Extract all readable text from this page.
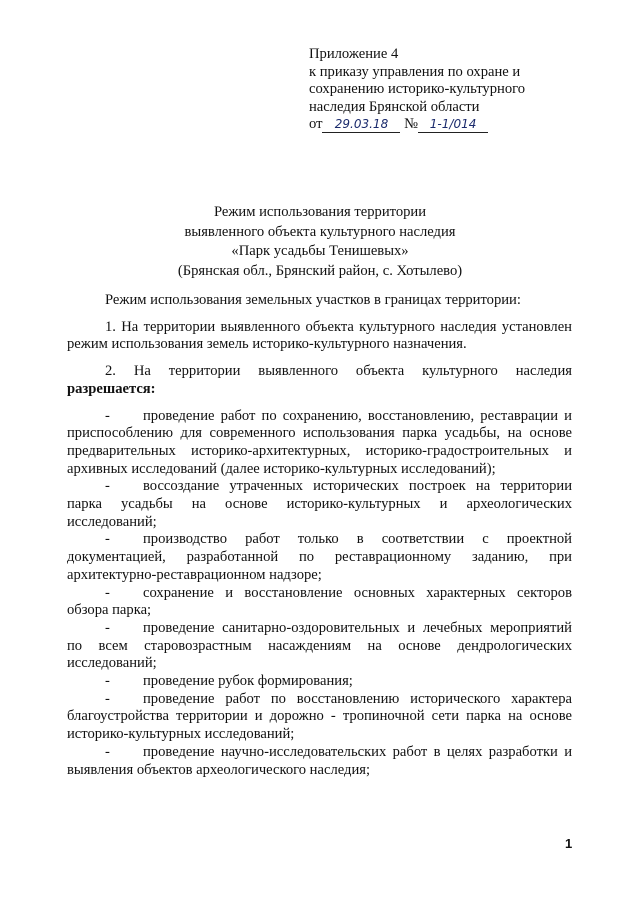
Приложение 4
к приказу управления по охране и
сохранению историко-культурного
наследия Брянской области
от 29.03.18 № 1-1/014
Режим использования территории
выявленного объекта культурного наследия
«Парк усадьбы Тенишевых»
(Брянская обл., Брянский район, с. Хотылево)

Режим использования земельных участков в границах территории:

1. На территории выявленного объекта культурного наследия установлен режим использования земель историко-культурного назначения.

2. На территории выявленного объекта культурного наследия разрешается:

- проведение работ по сохранению, восстановлению, реставрации и приспособлению для современного использования парка усадьбы, на основе предварительных историко-архитектурных, историко-градостроительных и архивных исследований (далее историко-культурных исследований);

- воссоздание утраченных исторических построек на территории парка усадьбы на основе историко-культурных и археологических исследований;

- производство работ только в соответствии с проектной документацией, разработанной по реставрационному заданию, при архитектурно-реставрационном надзоре;

- сохранение и восстановление основных характерных секторов обзора парка;

- проведение санитарно-оздоровительных и лечебных мероприятий по всем старовозрастным насаждениям на основе дендрологических исследований;

- проведение рубок формирования;

- проведение работ по восстановлению исторического характера благоустройства территории и дорожно - тропиночной сети парка на основе историко-культурных исследований;

- проведение научно-исследовательских работ в целях разработки и выявления объектов археологического наследия;

1
